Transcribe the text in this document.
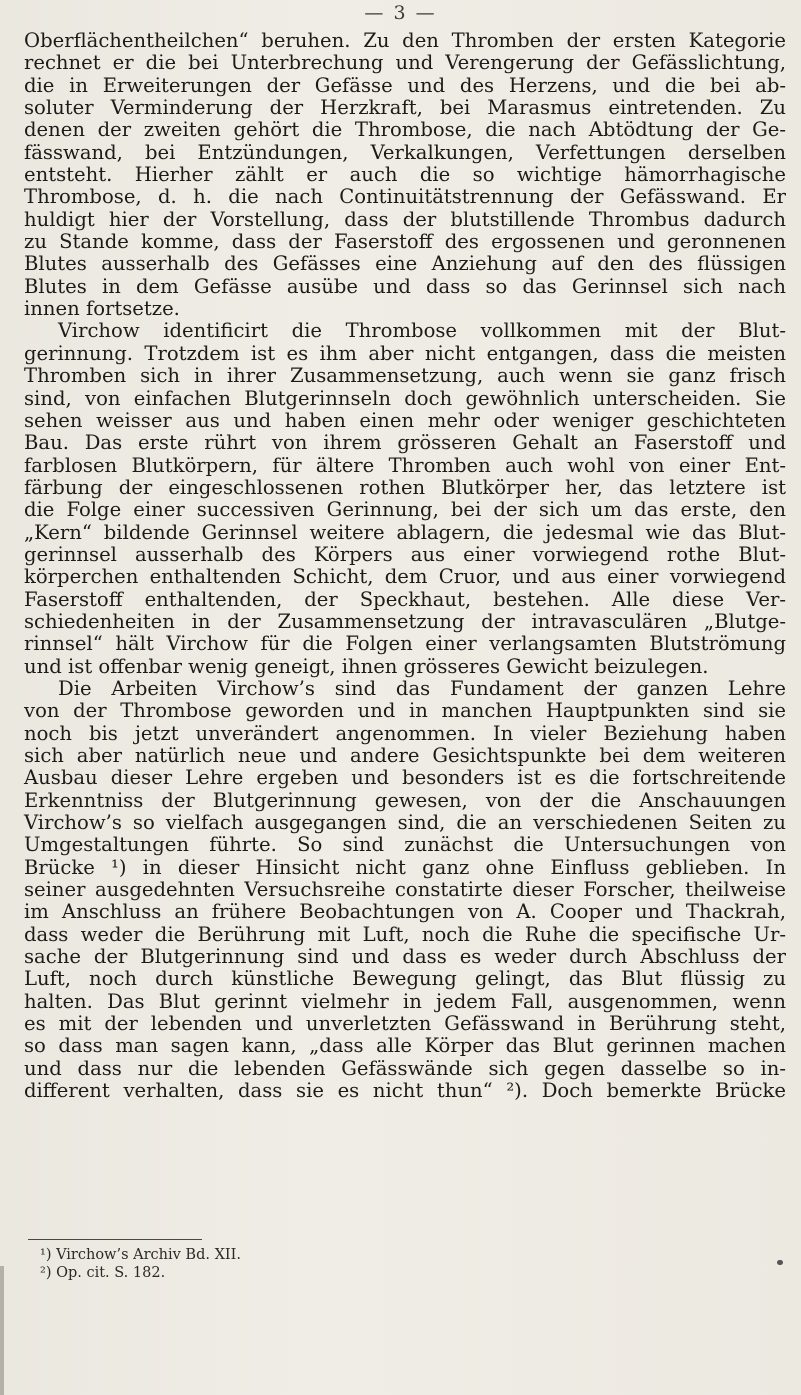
— 3 —

Oberflächentheilchen“ beruhen. Zu den Thromben der ersten Kategorie

rechnet er die bei Unterbrechung und Verengerung der Gefässlichtung,

die in Erweiterungen der Gefässe und des Herzens, und die bei ab-

soluter Verminderung der Herzkraft, bei Marasmus eintretenden. Zu

denen der zweiten gehört die Thrombose, die nach Abtödtung der Ge-

fässwand, bei Entzündungen, Verkalkungen, Verfettungen derselben

entsteht. Hierher zählt er auch die so wichtige hämorrhagische

Thrombose, d. h. die nach Continuitätstrennung der Gefässwand. Er

huldigt hier der Vorstellung, dass der blutstillende Thrombus dadurch

zu Stande komme, dass der Faserstoff des ergossenen und geronnenen

Blutes ausserhalb des Gefässes eine Anziehung auf den des flüssigen

Blutes in dem Gefässe ausübe und dass so das Gerinnsel sich nach

innen fortsetze.

Virchow identificirt die Thrombose vollkommen mit der Blut-

gerinnung. Trotzdem ist es ihm aber nicht entgangen, dass die meisten

Thromben sich in ihrer Zusammensetzung, auch wenn sie ganz frisch

sind, von einfachen Blutgerinnseln doch gewöhnlich unterscheiden. Sie

sehen weisser aus und haben einen mehr oder weniger geschichteten

Bau. Das erste rührt von ihrem grösseren Gehalt an Faserstoff und

farblosen Blutkörpern, für ältere Thromben auch wohl von einer Ent-

färbung der eingeschlossenen rothen Blutkörper her, das letztere ist

die Folge einer successiven Gerinnung, bei der sich um das erste, den

„Kern“ bildende Gerinnsel weitere ablagern, die jedesmal wie das Blut-

gerinnsel ausserhalb des Körpers aus einer vorwiegend rothe Blut-

körperchen enthaltenden Schicht, dem Cruor, und aus einer vorwiegend

Faserstoff enthaltenden, der Speckhaut, bestehen. Alle diese Ver-

schiedenheiten in der Zusammensetzung der intravasculären „Blutge-

rinnsel“ hält Virchow für die Folgen einer verlangsamten Blutströmung

und ist offenbar wenig geneigt, ihnen grösseres Gewicht beizulegen.

Die Arbeiten Virchow’s sind das Fundament der ganzen Lehre

von der Thrombose geworden und in manchen Hauptpunkten sind sie

noch bis jetzt unverändert angenommen. In vieler Beziehung haben

sich aber natürlich neue und andere Gesichtspunkte bei dem weiteren

Ausbau dieser Lehre ergeben und besonders ist es die fortschreitende

Erkenntniss der Blutgerinnung gewesen, von der die Anschauungen

Virchow’s so vielfach ausgegangen sind, die an verschiedenen Seiten zu

Umgestaltungen führte. So sind zunächst die Untersuchungen von

Brücke ¹) in dieser Hinsicht nicht ganz ohne Einfluss geblieben. In

seiner ausgedehnten Versuchsreihe constatirte dieser Forscher, theilweise

im Anschluss an frühere Beobachtungen von A. Cooper und Thackrah,

dass weder die Berührung mit Luft, noch die Ruhe die specifische Ur-

sache der Blutgerinnung sind und dass es weder durch Abschluss der

Luft, noch durch künstliche Bewegung gelingt, das Blut flüssig zu

halten. Das Blut gerinnt vielmehr in jedem Fall, ausgenommen, wenn

es mit der lebenden und unverletzten Gefässwand in Berührung steht,

so dass man sagen kann, „dass alle Körper das Blut gerinnen machen

und dass nur die lebenden Gefässwände sich gegen dasselbe so in-

different verhalten, dass sie es nicht thun“ ²). Doch bemerkte Brücke

¹) Virchow’s Archiv Bd. XII.

²) Op. cit. S. 182.
